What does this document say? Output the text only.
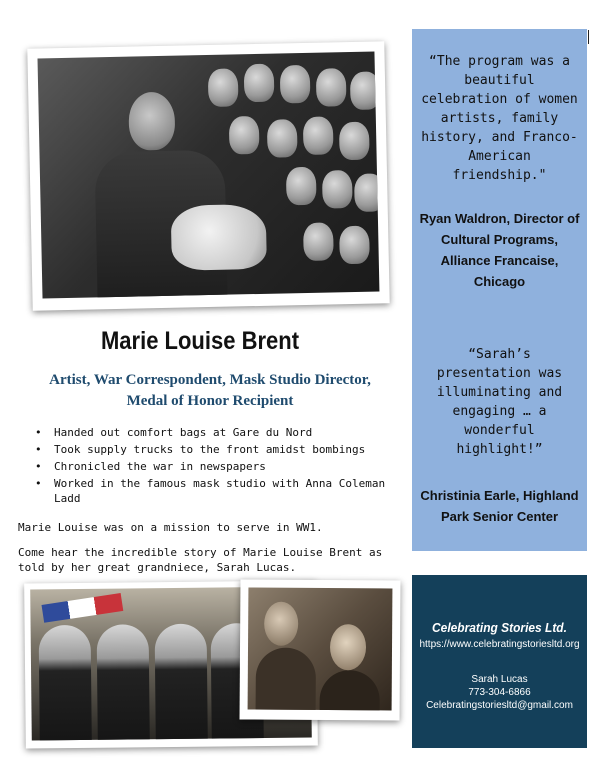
Marie Louise Brent

Artist, War Correspondent, Mask Studio Director,
Medal of Honor Recipient

• Handed out comfort bags at Gare du Nord
• Took supply trucks to the front amidst bombings
• Chronicled the war in newspapers
• Worked in the famous mask studio with Anna Coleman Ladd

Marie Louise was on a mission to serve in WW1.

Come hear the incredible story of Marie Louise Brent as told by her great grandniece, Sarah Lucas.

“The program was a beautiful celebration of women artists, family history, and Franco-American friendship."

Ryan Waldron, Director of Cultural Programs, Alliance Francaise, Chicago

“Sarah’s presentation was illuminating and engaging … a wonderful highlight!”

Christinia Earle, Highland Park Senior Center

Celebrating Stories Ltd.

https://www.celebratingstoriesltd.org

Sarah Lucas

773-304-6866

Celebratingstoriesltd@gmail.com
